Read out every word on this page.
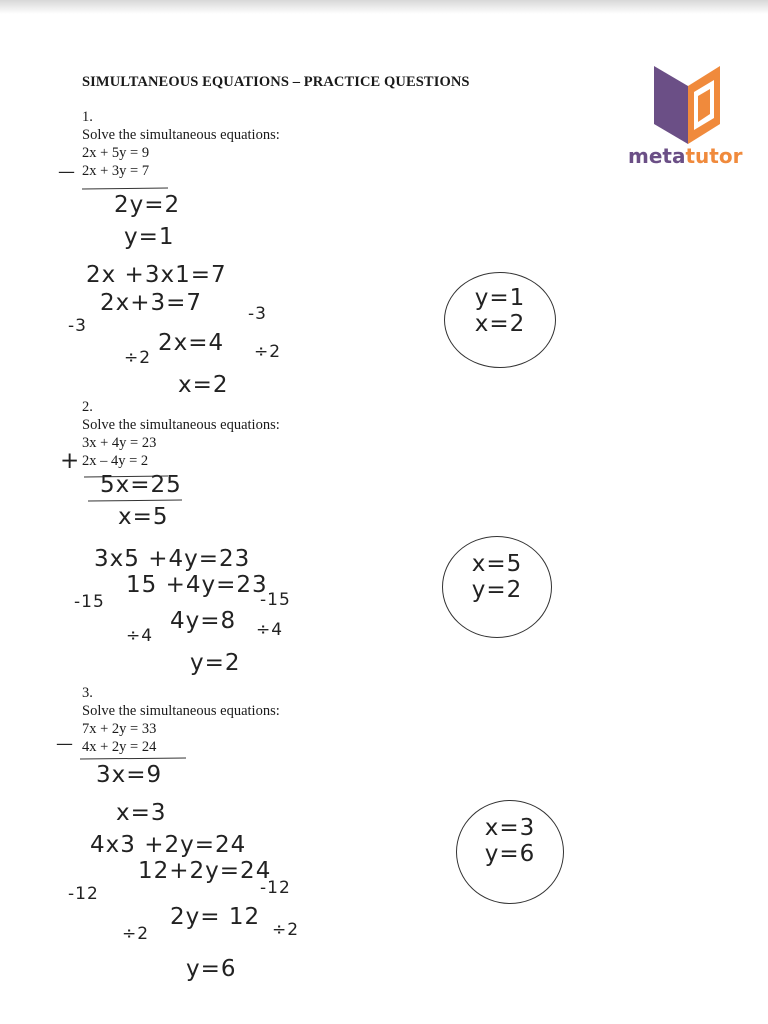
SIMULTANEOUS EQUATIONS – PRACTICE QUESTIONS
metatutor
1.
Solve the simultaneous equations:
2x + 5y = 9
2x + 3y = 7
—
2y=2
y=1
2x +3x1=7
2x+3=7
-3
-3
2x=4
÷2	÷2
x=2
y=1
x=2
2.
Solve the simultaneous equations:
3x + 4y = 23
2x – 4y = 2
+
5x=25
x=5
3x5 +4y=23
15 +4y=23
-15	-15
4y=8
÷4	÷4
y=2
x=5
y=2
3.
Solve the simultaneous equations:
7x + 2y = 33
4x + 2y = 24
—
3x=9
x=3
4x3 +2y=24
12+2y=24
-12	-12
2y= 12
÷2	÷2
y=6
x=3
y=6
